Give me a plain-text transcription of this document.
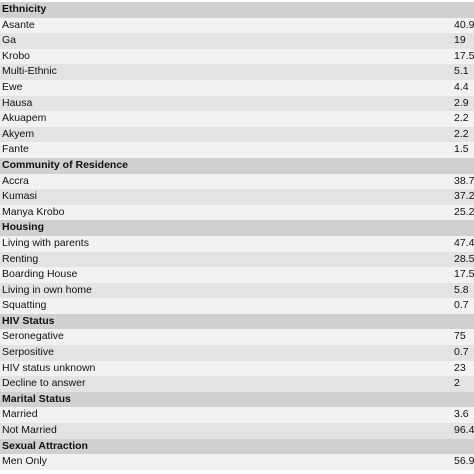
Ethnicity
Asante	40.9
Ga	19
Krobo	17.5
Multi-Ethnic	5.1
Ewe	4.4
Hausa	2.9
Akuapem	2.2
Akyem	2.2
Fante	1.5
Community of Residence
Accra	38.7
Kumasi	37.2
Manya Krobo	25.2
Housing
Living with parents	47.4
Renting	28.5
Boarding House	17.5
Living in own home	5.8
Squatting	0.7
HIV Status
Seronegative	75
Serpositive	0.7
HIV status unknown	23
Decline to answer	2
Marital Status
Married	3.6
Not Married	96.4
Sexual Attraction
Men Only	56.9
